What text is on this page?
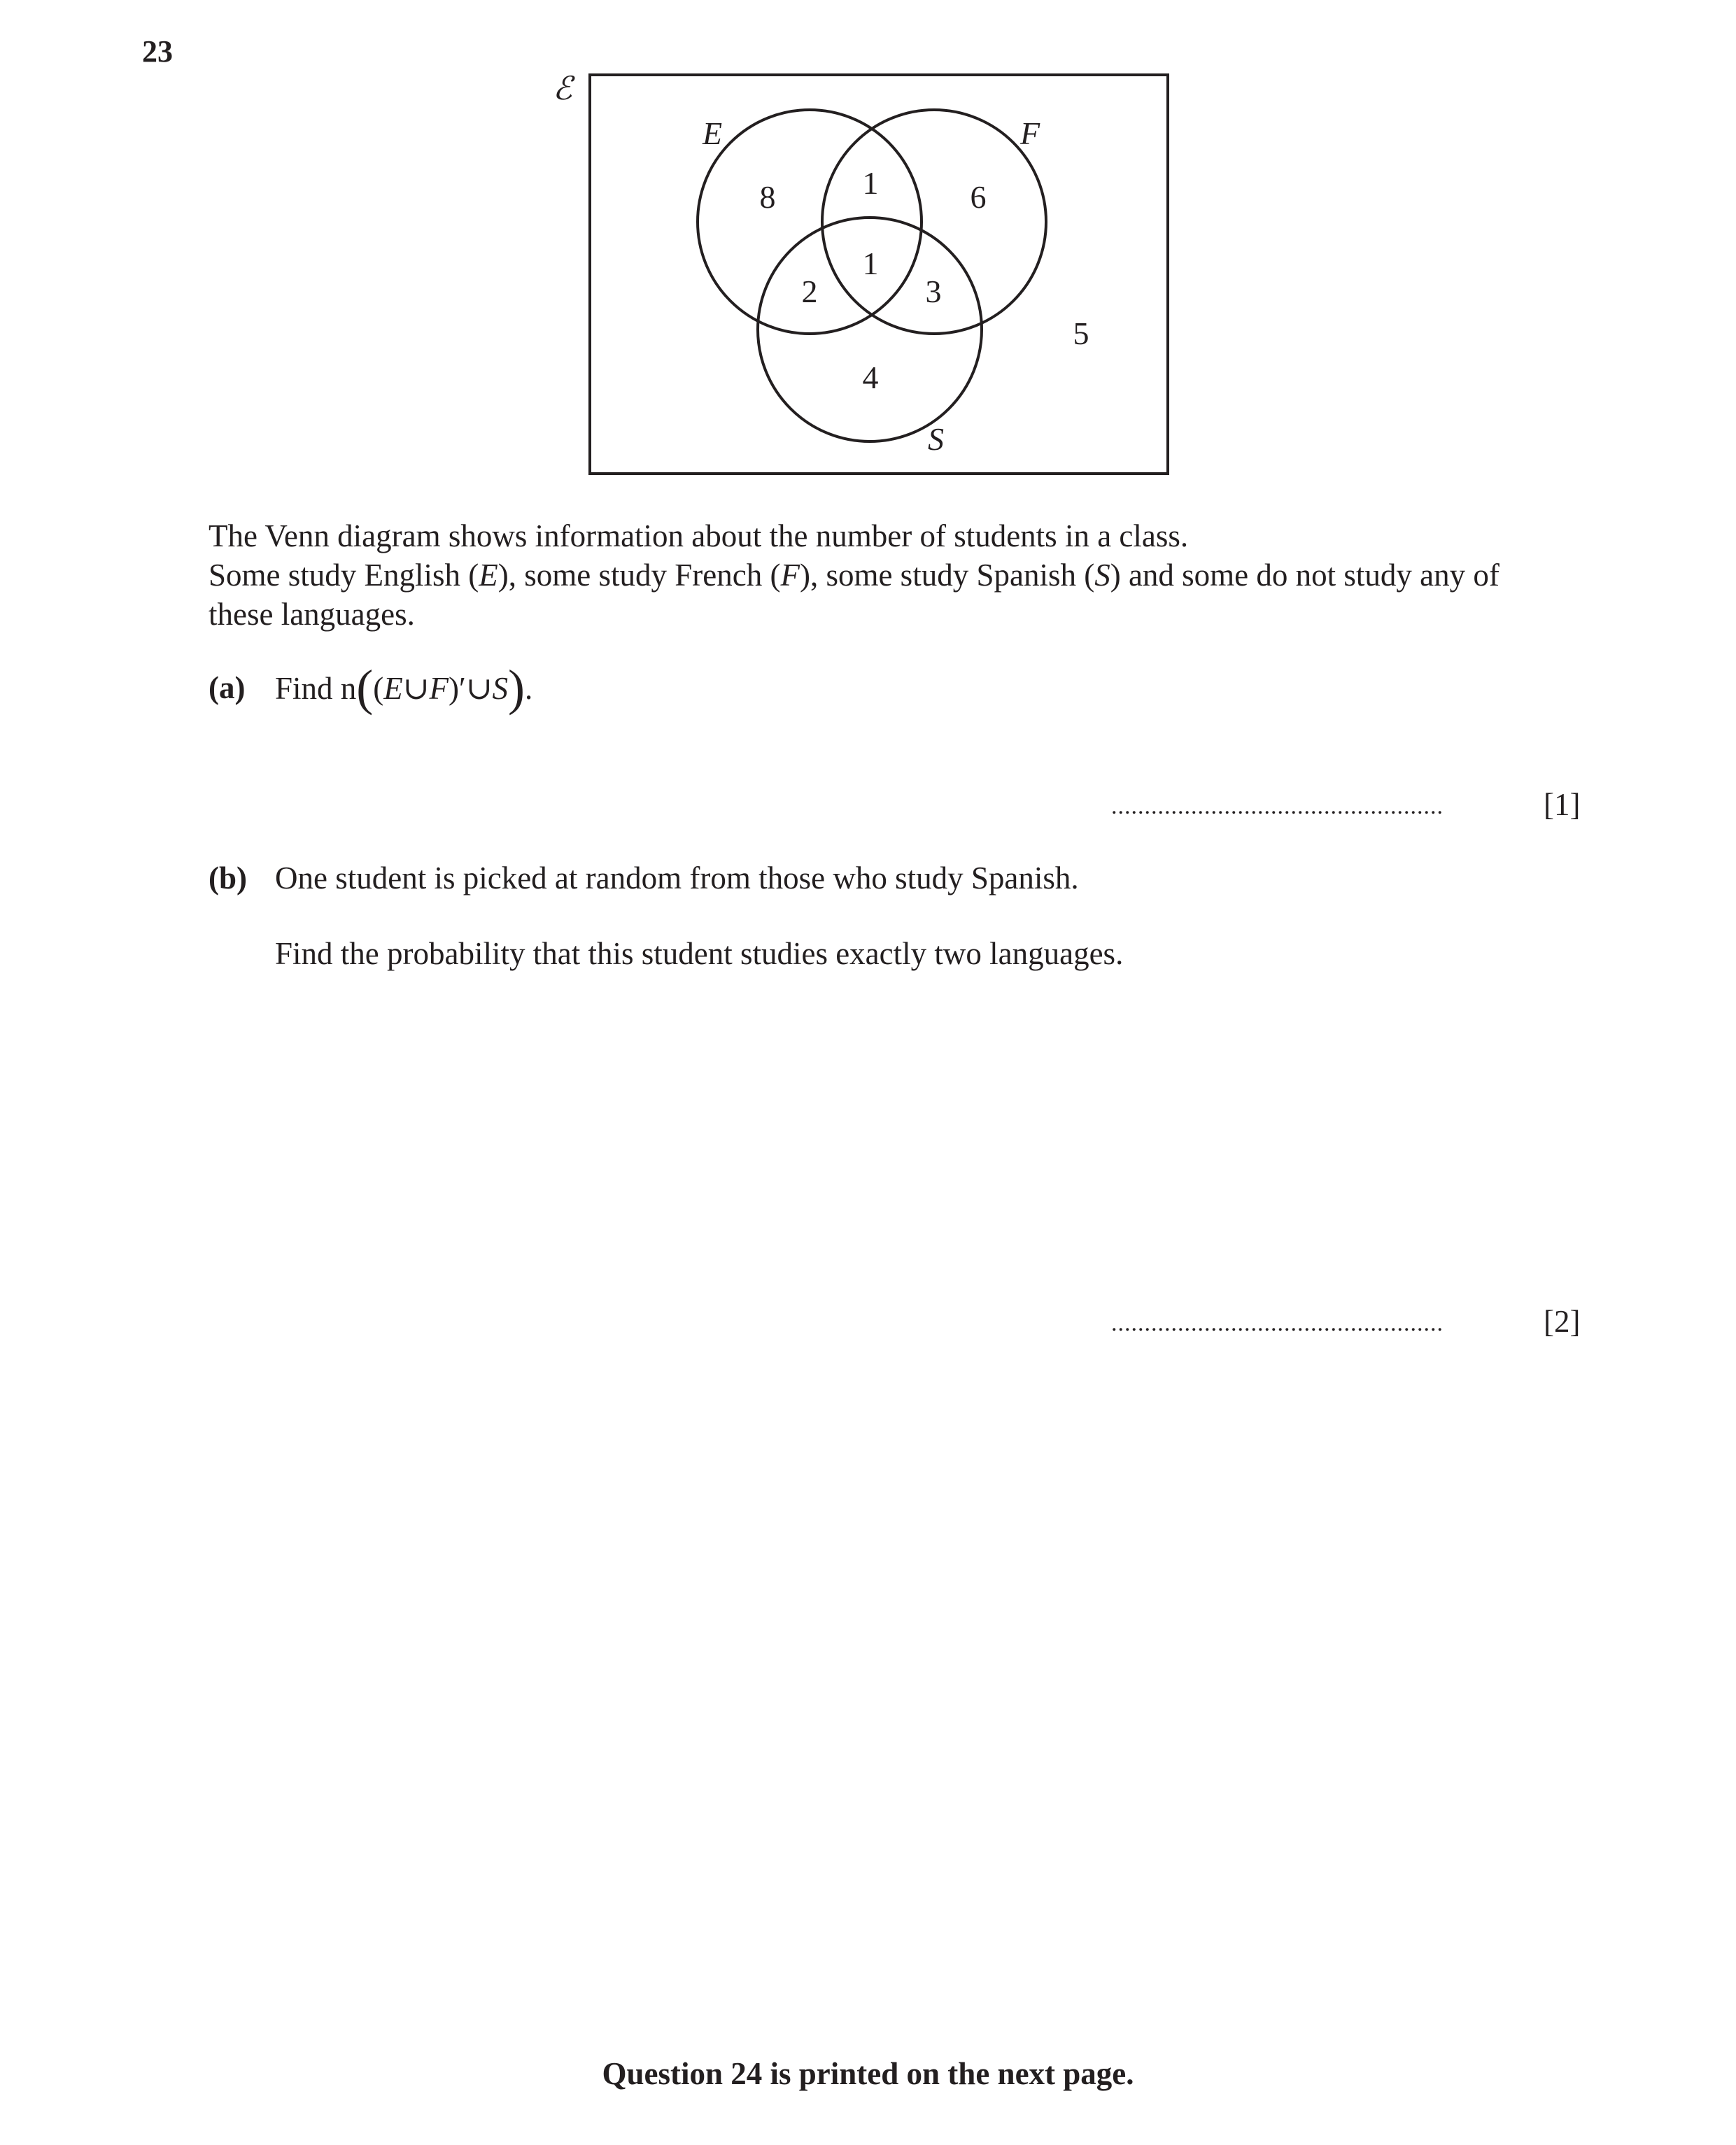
23
ℰ
E	F
S
8	1	6
1
2	3
4
5

The Venn diagram shows information about the number of students in a class.

Some study English (E), some study French (F), some study Spanish (S) and some do not study any of

these languages.

(a) Find n((E∪F)′∪S).
..................................................	[1]
(b) One student is picked at random from those who study Spanish.
Find the probability that this student studies exactly two languages.
..................................................	[2]
Question 24 is printed on the next page.
